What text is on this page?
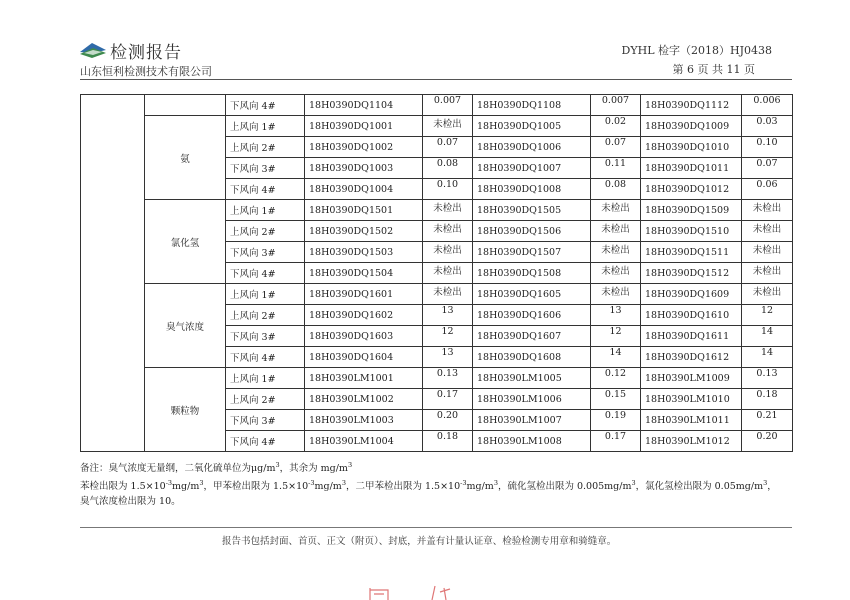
检测报告
山东恒利检测技术有限公司
DYHL 检字（2018）HJ0438
第 6 页 共 11 页
		下风向 4#	18H0390DQ1104	0.007	18H0390DQ1108	0.007	18H0390DQ1112	0.006
	氨	上风向 1#	18H0390DQ1001	未检出	18H0390DQ1005	0.02	18H0390DQ1009	0.03
		上风向 2#	18H0390DQ1002	0.07	18H0390DQ1006	0.07	18H0390DQ1010	0.10
		下风向 3#	18H0390DQ1003	0.08	18H0390DQ1007	0.11	18H0390DQ1011	0.07
		下风向 4#	18H0390DQ1004	0.10	18H0390DQ1008	0.08	18H0390DQ1012	0.06
	氯化氢	上风向 1#	18H0390DQ1501	未检出	18H0390DQ1505	未检出	18H0390DQ1509	未检出
		上风向 2#	18H0390DQ1502	未检出	18H0390DQ1506	未检出	18H0390DQ1510	未检出
		下风向 3#	18H0390DQ1503	未检出	18H0390DQ1507	未检出	18H0390DQ1511	未检出
		下风向 4#	18H0390DQ1504	未检出	18H0390DQ1508	未检出	18H0390DQ1512	未检出
	臭气浓度	上风向 1#	18H0390DQ1601	未检出	18H0390DQ1605	未检出	18H0390DQ1609	未检出
		上风向 2#	18H0390DQ1602	13	18H0390DQ1606	13	18H0390DQ1610	12
		下风向 3#	18H0390DQ1603	12	18H0390DQ1607	12	18H0390DQ1611	14
		下风向 4#	18H0390DQ1604	13	18H0390DQ1608	14	18H0390DQ1612	14
	颗粒物	上风向 1#	18H0390LM1001	0.13	18H0390LM1005	0.12	18H0390LM1009	0.13
		上风向 2#	18H0390LM1002	0.17	18H0390LM1006	0.15	18H0390LM1010	0.18
		下风向 3#	18H0390LM1003	0.20	18H0390LM1007	0.19	18H0390LM1011	0.21
		下风向 4#	18H0390LM1004	0.18	18H0390LM1008	0.17	18H0390LM1012	0.20
备注：臭气浓度无量纲，二氧化硫单位为$\mu g/m^3$，其余为 $mg/m^3$
苯检出限为 $1.5\times 10^{-3}mg/m^3$，甲苯检出限为 $1.5\times 10^{-3}mg/m^3$，二甲苯检出限为 $1.5\times 10^{-3}mg/m^3$，硫化氢检出限为 $0.005mg/m^3$，氯化氢检出限为 $0.05mg/m^3$，
臭气浓度检出限为 10。
报告书包括封面、首页、正文（附页）、封底，并盖有计量认证章、检验检测专用章和骑缝章。
